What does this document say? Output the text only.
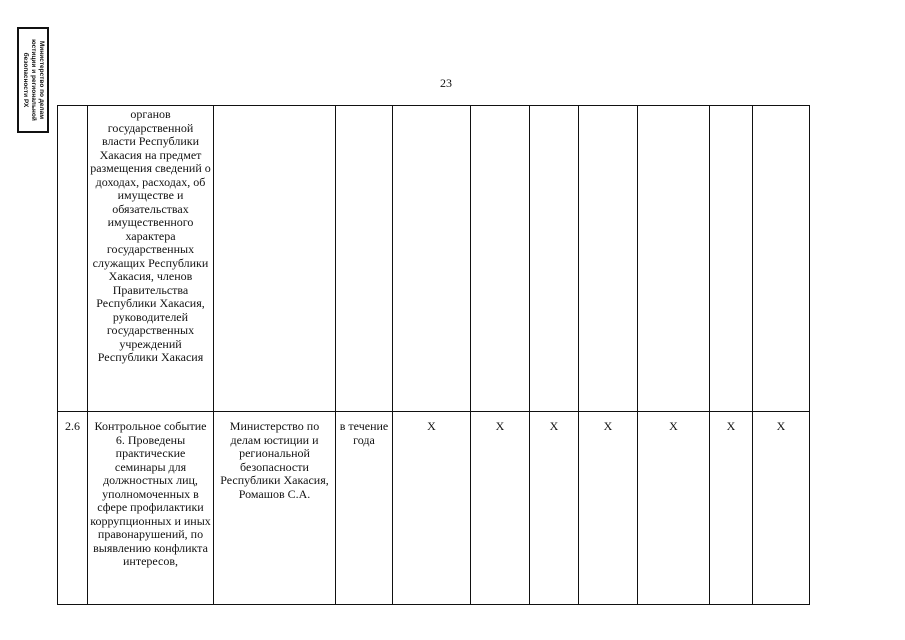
Министерство по делам
юстиции и региональной
безопасности РХ	23
	органов государственной власти Республики Хакасия на предмет размещения сведений о доходах, расходах, об имуществе и обязательствах имущественного характера государственных служащих Республики Хакасия, членов Правительства Республики Хакасия, руководителей государственных учреждений Республики Хакасия									
2.6	Контрольное событие 6. Проведены практические семинары для должностных лиц, уполномоченных в сфере профилактики коррупционных и иных правонарушений, по выявлению конфликта интересов,	Министерство по делам юстиции и региональной безопасности Республики Хакасия, Ромашов С.А.	в течение года	X	X	X	X	X	X	X
